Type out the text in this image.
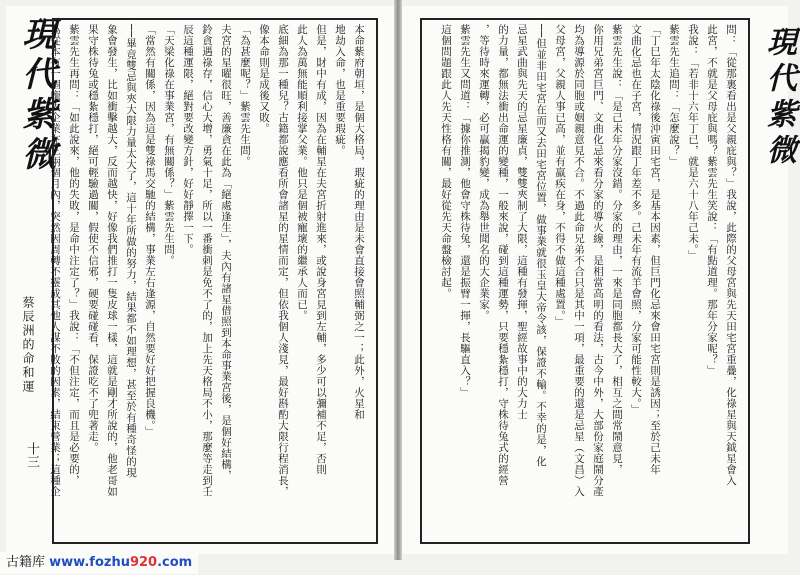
現代紫微
蔡辰洲的命和運
十三
本命紫府朝垣，是個大格局，瑕疵的理由是未會直接會照輔弼之一；此外，火星和
地劫入命，也是重要瑕疵。
但是，財中有成，因為在輔星在夫宮折射進來，或說身宮見到左輔，多少可以彌補不足，否則
此人為萬無能順利接掌父業。他只是個被寵壞的繼承人而已。
底細為那一種兒？古籍都說應看所會諸星的星情而定，但依我個人淺見，最好斟酌大限行程消長，
像本命則是成後又敗。
「為甚麼呢？」紫雲先生問。
夫宮的星曜很旺，善廉貪在此為「絕處逢生」，夫內有諸星借照到本命事業宮後，是個好結構，
鈴貪遇祿存，信心大增，勇氣十足，所以一番衝刺是免不了的，加上先天格局不小，那麼等走到壬
辰這種運限，絕對要改變方針，好好靜擇一下。
「天梁化祿在事業宮，有無關係？」紫雲先生問。
「當然有關係，因為這是雙祿馬交馳的結構，事業左右逢源，自然要好好把握良機。」
──畢竟雙忌與夾大限力量太大了，這十年所做的努力，結果都不如理想，甚至於有種奇怪的現
象會發生，比如衝擊越大，反而越快，好像我們推打一隻皮球一樣，這就是剛才所說的，他老哥如
果守株待兔或穩紮穩打，絕可輕驗過關，假使不信邪，硬要碰碰看，保證吃不了兜著走。
紫雲先生再問：「如此說來，他的失敗，是命中注定了？」我說：「不但注定，而且是必要的，
為從本有一個龐大企業在三兩個月內，突然因周轉不靈成其他人謀不敗的因素，結束營業；這種企	問：「從那裏看出是父親庇與？」我說，此際的父母宮與先天田宅宮重疊，化祿星與天鉞星會入
此宮，不就是父母庇與嗎？紫雲先生笑說：「有點道理。那年分家呢？」
我說：「若非十六年丁已，就是六十八年己未。」
紫雲先生追問：「怎麼說？」
「丁巳年太陰化祿後沖寅田宅宮，是基本因素，但巨門化忌來會田宅宮則是誘因；至於己未年
文曲化忌也在子宮，情況跟丁年差不多。己未年有流羊會照，分家可能性較大。」
紫雲先生說：「是己未年分家沒錯。分家的理由，一來是同胞都長大了，相互之間常鬧意見，
你用兄弟宮巨門、文曲化忌來看分家的導火線，是相當高明的看法，古今中外，大部份家庭鬧分產
均為導源於同胞或姻親意見不合。不過此命兄弟不合只是其中一項，最重要的還是忌星（文昌）入
父母宮，父親人事已高，並有羸疾在身，不得不做這種處置。」
──但並非田宅宮在而又去田宅宮位置，做事業就很玉皇大帝令該，保證不輸。不幸的是，化
忌星武曲與先天的忌星廉貞，雙雙夾制了大限，這種有發揮，聖經故事中的大力士
的力量，都無法衝出命運的變種，一般來說，碰到這種運勢，只要穩紮穩打，守株待兔式的經營
，等待時來運轉，必可贏揭豹變，成為舉世聞名的大企業家。
紫雲先生又問道：「據你推測，他會守株待兔，還是振臂一揮，長驅直入？」
這個問題跟此人先天性格有關，最好從先天命盤檢討起。	現代紫微
古籍库 www.fozhu920.com
